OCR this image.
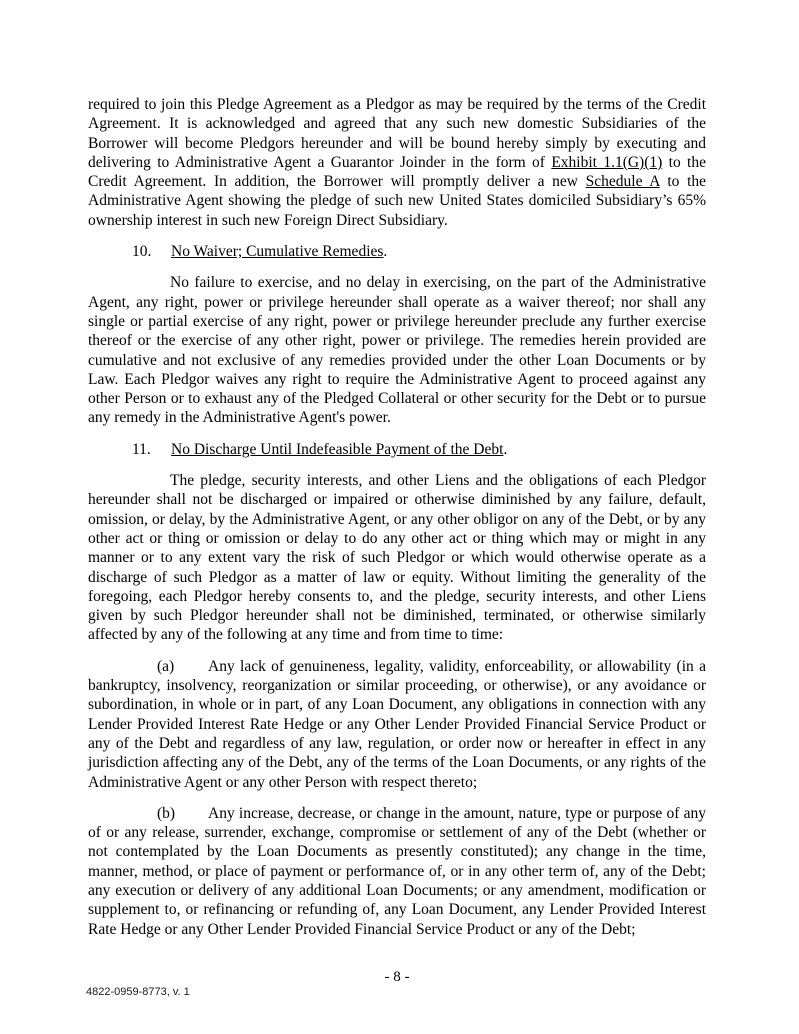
required to join this Pledge Agreement as a Pledgor as may be required by the terms of the Credit Agreement. It is acknowledged and agreed that any such new domestic Subsidiaries of the Borrower will become Pledgors hereunder and will be bound hereby simply by executing and delivering to Administrative Agent a Guarantor Joinder in the form of Exhibit 1.1(G)(1) to the Credit Agreement. In addition, the Borrower will promptly deliver a new Schedule A to the Administrative Agent showing the pledge of such new United States domiciled Subsidiary’s 65% ownership interest in such new Foreign Direct Subsidiary.

10. No Waiver; Cumulative Remedies.

No failure to exercise, and no delay in exercising, on the part of the Administrative Agent, any right, power or privilege hereunder shall operate as a waiver thereof; nor shall any single or partial exercise of any right, power or privilege hereunder preclude any further exercise thereof or the exercise of any other right, power or privilege. The remedies herein provided are cumulative and not exclusive of any remedies provided under the other Loan Documents or by Law. Each Pledgor waives any right to require the Administrative Agent to proceed against any other Person or to exhaust any of the Pledged Collateral or other security for the Debt or to pursue any remedy in the Administrative Agent's power.

11. No Discharge Until Indefeasible Payment of the Debt.

The pledge, security interests, and other Liens and the obligations of each Pledgor hereunder shall not be discharged or impaired or otherwise diminished by any failure, default, omission, or delay, by the Administrative Agent, or any other obligor on any of the Debt, or by any other act or thing or omission or delay to do any other act or thing which may or might in any manner or to any extent vary the risk of such Pledgor or which would otherwise operate as a discharge of such Pledgor as a matter of law or equity. Without limiting the generality of the foregoing, each Pledgor hereby consents to, and the pledge, security interests, and other Liens given by such Pledgor hereunder shall not be diminished, terminated, or otherwise similarly affected by any of the following at any time and from time to time:

(a) Any lack of genuineness, legality, validity, enforceability, or allowability (in a bankruptcy, insolvency, reorganization or similar proceeding, or otherwise), or any avoidance or subordination, in whole or in part, of any Loan Document, any obligations in connection with any Lender Provided Interest Rate Hedge or any Other Lender Provided Financial Service Product or any of the Debt and regardless of any law, regulation, or order now or hereafter in effect in any jurisdiction affecting any of the Debt, any of the terms of the Loan Documents, or any rights of the Administrative Agent or any other Person with respect thereto;

(b) Any increase, decrease, or change in the amount, nature, type or purpose of any of or any release, surrender, exchange, compromise or settlement of any of the Debt (whether or not contemplated by the Loan Documents as presently constituted); any change in the time, manner, method, or place of payment or performance of, or in any other term of, any of the Debt; any execution or delivery of any additional Loan Documents; or any amendment, modification or supplement to, or refinancing or refunding of, any Loan Document, any Lender Provided Interest Rate Hedge or any Other Lender Provided Financial Service Product or any of the Debt;

- 8 -
4822-0959-8773, v. 1
